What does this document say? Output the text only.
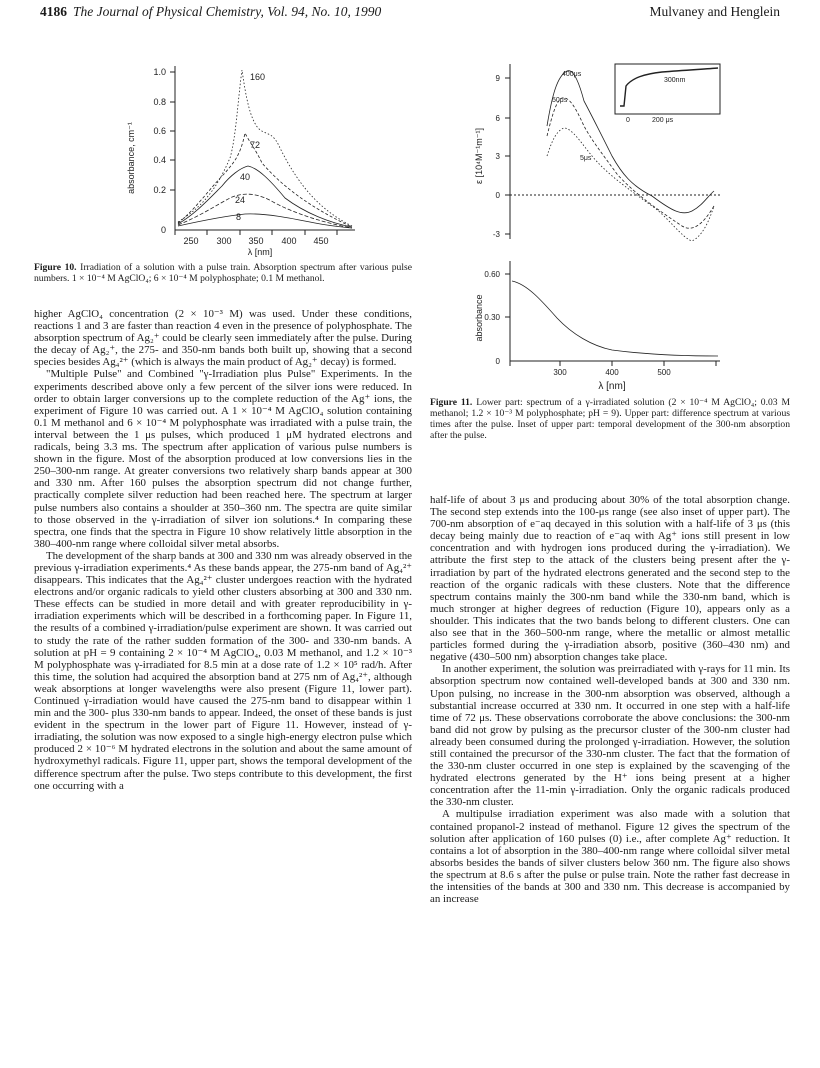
4186 The Journal of Physical Chemistry, Vol. 94, No. 10, 1990	Mulvaney and Henglein
1.0
0.8
0.6
0.4
0.2
0
250 300 350 400 450
λ [nm]
absorbance, cm⁻¹
160
72
40
24
8
Figure 10. Irradiation of a solution with a pulse train. Absorption spectrum after various pulse numbers. 1 × 10⁻⁴ M AgClO₄; 6 × 10⁻⁴ M polyphosphate; 0.1 M methanol.
9
6
3
0
-3
0.60
0.30
0
300	400	500
λ [nm]
ε [10⁴M⁻¹m⁻¹]
absorbance
400μs
50μs
5μs
300nm
200 μs
0
Figure 11. Lower part: spectrum of a γ-irradiated solution (2 × 10⁻⁴ M AgClO₄; 0.03 M methanol; 1.2 × 10⁻³ M polyphosphate; pH = 9). Upper part: difference spectrum at various times after the pulse. Inset of upper part: temporal development of the 300-nm absorption after the pulse.

higher AgClO₄ concentration (2 × 10⁻³ M) was used. Under these conditions, reactions 1 and 3 are faster than reaction 4 even in the presence of polyphosphate. The absorption spectrum of Ag₂⁺ could be clearly seen immediately after the pulse. During the decay of Ag₂⁺, the 275- and 350-nm bands both built up, showing that a second species besides Ag₄²⁺ (which is always the main product of Ag₂⁺ decay) is formed.

"Multiple Pulse" and Combined "γ-Irradiation plus Pulse" Experiments. In the experiments described above only a few percent of the silver ions were reduced. In order to obtain larger conversions up to the complete reduction of the Ag⁺ ions, the experiment of Figure 10 was carried out. A 1 × 10⁻⁴ M AgClO₄ solution containing 0.1 M methanol and 6 × 10⁻⁴ M polyphosphate was irradiated with a pulse train, the interval between the 1 μs pulses, which produced 1 μM hydrated electrons and radicals, being 3.3 ms. The spectrum after application of various pulse numbers is shown in the figure. Most of the absorption produced at low conversions lies in the 250–300-nm range. At greater conversions two relatively sharp bands appear at 300 and 330 nm. After 160 pulses the absorption spectrum did not change further, practically complete silver reduction had been reached here. The spectrum at larger pulse numbers also contains a shoulder at 350–360 nm. The spectra are quite similar to those observed in the γ-irradiation of silver ion solutions.⁴ In comparing these spectra, one finds that the spectra in Figure 10 show relatively little absorption in the 380–400-nm range where colloidal silver metal absorbs.

The development of the sharp bands at 300 and 330 nm was already observed in the previous γ-irradiation experiments.⁴ As these bands appear, the 275-nm band of Ag₄²⁺ disappears. This indicates that the Ag₄²⁺ cluster undergoes reaction with the hydrated electrons and/or organic radicals to yield other clusters absorbing at 300 and 330 nm. These effects can be studied in more detail and with greater reproducibility in γ-irradiation experiments which will be described in a forthcoming paper. In Figure 11, the results of a combined γ-irradiation/pulse experiment are shown. It was carried out to study the rate of the rather sudden formation of the 300- and 330-nm bands. A solution at pH = 9 containing 2 × 10⁻⁴ M AgClO₄, 0.03 M methanol, and 1.2 × 10⁻³ M polyphosphate was γ-irradiated for 8.5 min at a dose rate of 1.2 × 10⁵ rad/h. After this time, the solution had acquired the absorption band at 275 nm of Ag₄²⁺, although weak absorptions at longer wavelengths were also present (Figure 11, lower part). Continued γ-irradiation would have caused the 275-nm band to disappear within 1 min and the 300- plus 330-nm bands to appear. Indeed, the onset of these bands is just evident in the spectrum in the lower part of Figure 11. However, instead of γ-irradiating, the solution was now exposed to a single high-energy electron pulse which produced 2 × 10⁻⁶ M hydrated electrons in the solution and about the same amount of hydroxymethyl radicals. Figure 11, upper part, shows the temporal development of the difference spectrum after the pulse. Two steps contribute to this development, the first one occurring with a

half-life of about 3 μs and producing about 30% of the total absorption change. The second step extends into the 100-μs range (see also inset of upper part). The 700-nm absorption of e⁻aq decayed in this solution with a half-life of 3 μs (this decay being mainly due to reaction of e⁻aq with Ag⁺ ions still present in low concentration and with hydrogen ions produced during the γ-irradiation). We attribute the first step to the attack of the clusters being present after the γ-irradiation by part of the hydrated electrons generated and the second step to the reaction of the organic radicals with these clusters. Note that the difference spectrum contains mainly the 300-nm band while the 330-nm band, which is much stronger at higher degrees of reduction (Figure 10), appears only as a shoulder. This indicates that the two bands belong to different clusters. One can also see that in the 360–500-nm range, where the metallic or almost metallic particles formed during the γ-irradiation absorb, positive (360–430 nm) and negative (430–500 nm) absorption changes take place.

In another experiment, the solution was preirradiated with γ-rays for 11 min. Its absorption spectrum now contained well-developed bands at 300 and 330 nm. Upon pulsing, no increase in the 300-nm absorption was observed, although a substantial increase occurred at 330 nm. It occurred in one step with a half-life time of 72 μs. These observations corroborate the above conclusions: the 300-nm band did not grow by pulsing as the precursor cluster of the 300-nm cluster had already been consumed during the prolonged γ-irradiation. However, the solution still contained the precursor of the 330-nm cluster. The fact that the formation of the 330-nm cluster occurred in one step is explained by the scavenging of the hydrated electrons generated by the H⁺ ions being present at a higher concentration after the 11-min γ-irradiation. Only the organic radicals produced the 330-nm cluster.

A multipulse irradiation experiment was also made with a solution that contained propanol-2 instead of methanol. Figure 12 gives the spectrum of the solution after application of 160 pulses (0) i.e., after complete Ag⁺ reduction. It contains a lot of absorption in the 380–400-nm range where colloidal silver metal absorbs besides the bands of silver clusters below 360 nm. The figure also shows the spectrum at 8.6 s after the pulse or pulse train. Note the rather fast decrease in the intensities of the bands at 300 and 330 nm. This decrease is accompanied by an increase
